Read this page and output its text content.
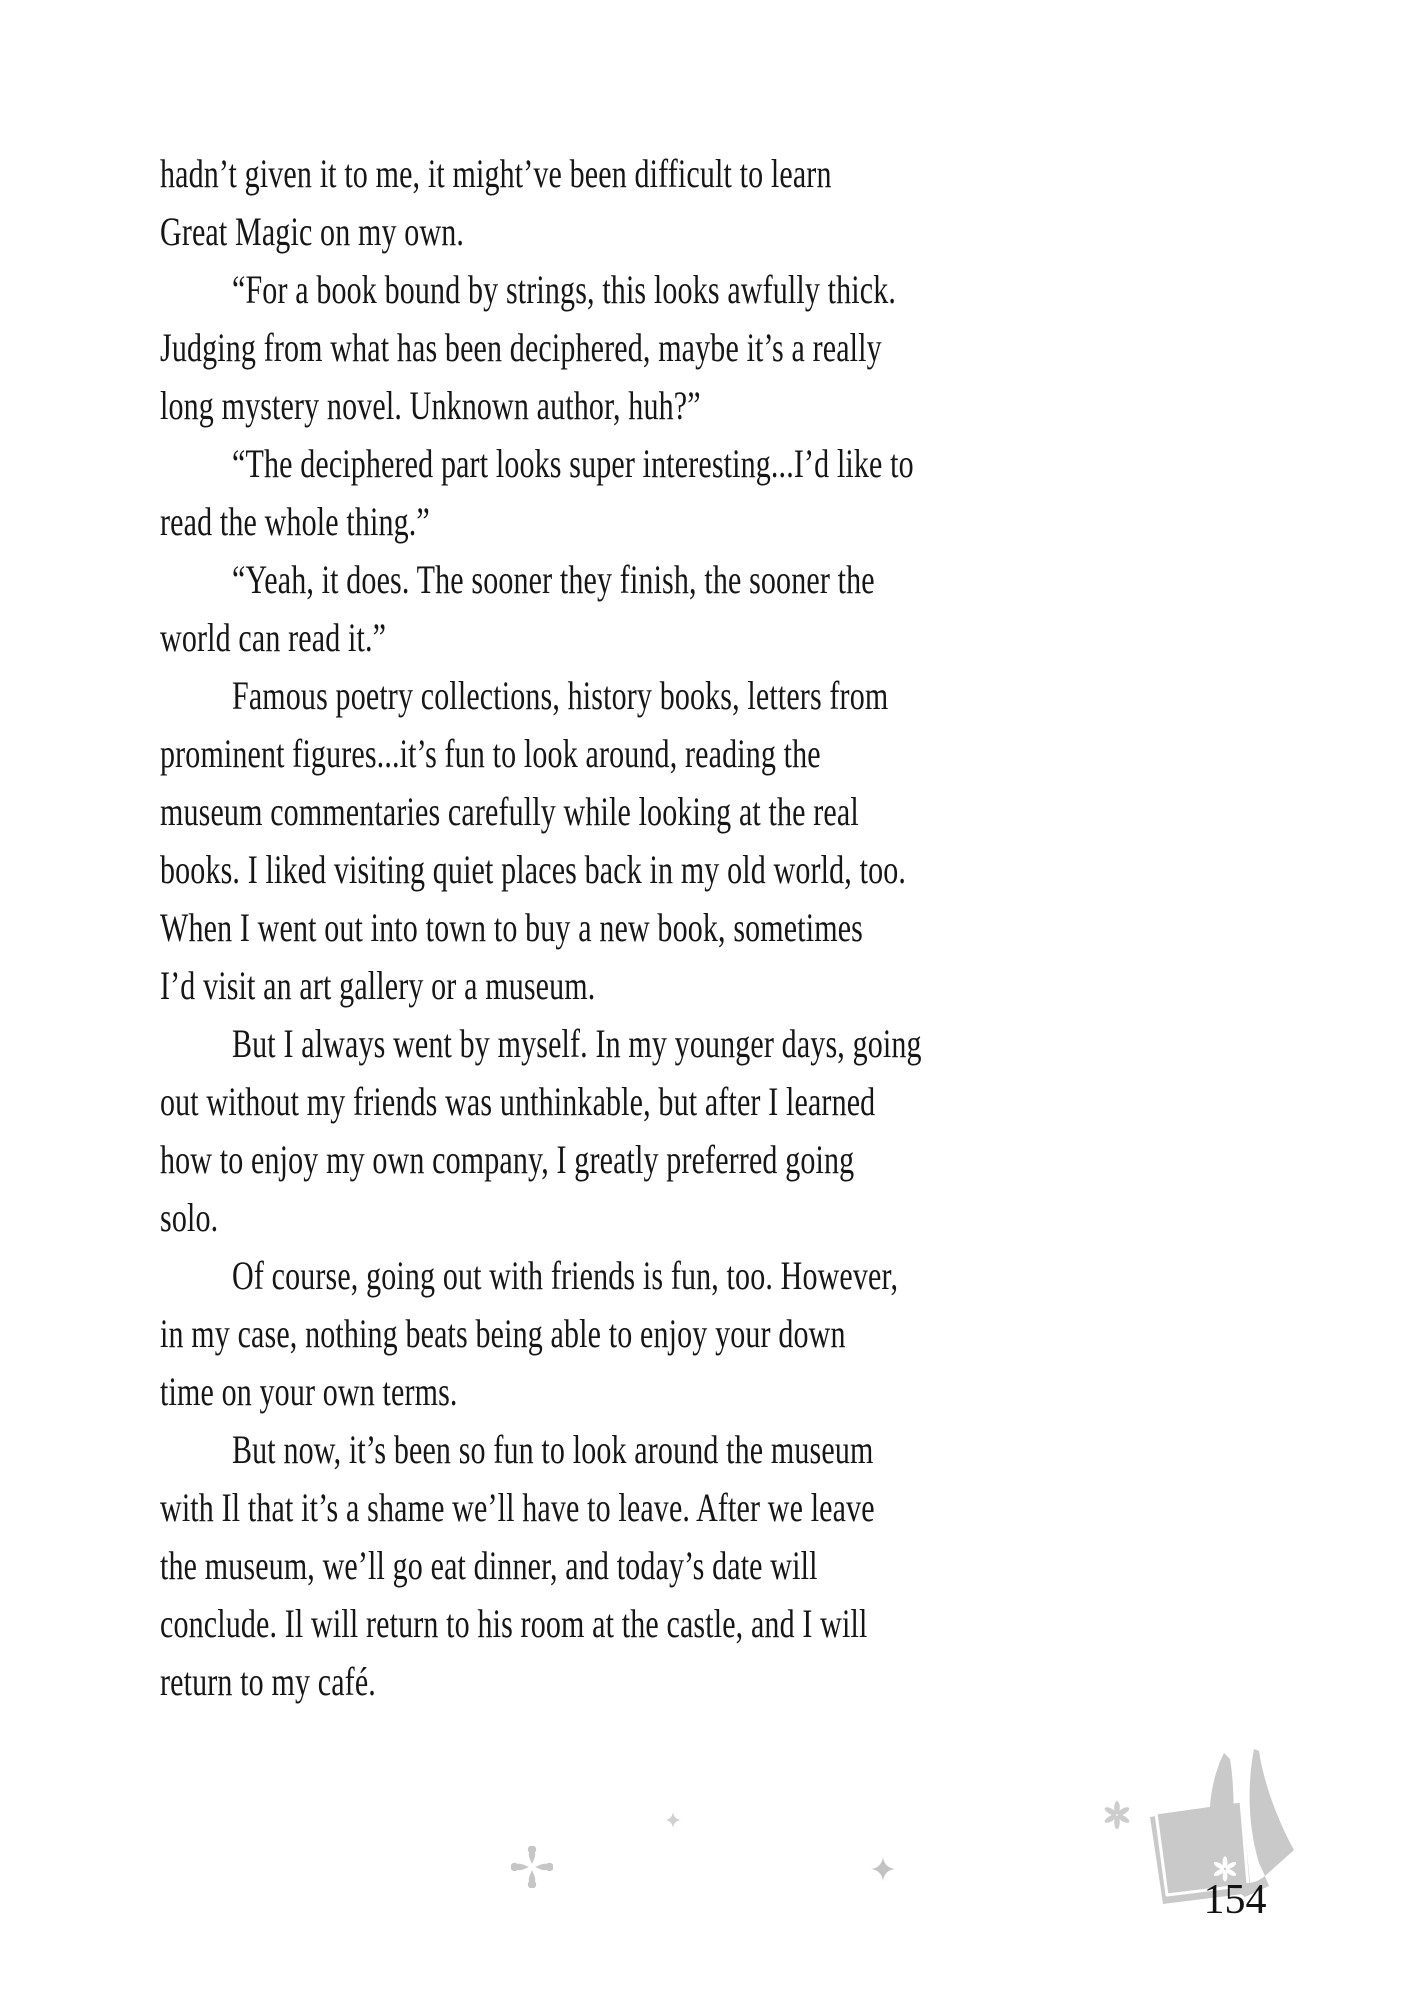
hadn’t given it to me, it might’ve been difficult to learn
Great Magic on my own.
“For a book bound by strings, this looks awfully thick.
Judging from what has been deciphered, maybe it’s a really
long mystery novel. Unknown author, huh?”
“The deciphered part looks super interesting...I’d like to
read the whole thing.”
“Yeah, it does. The sooner they finish, the sooner the
world can read it.”
Famous poetry collections, history books, letters from
prominent figures...it’s fun to look around, reading the
museum commentaries carefully while looking at the real
books. I liked visiting quiet places back in my old world, too.
When I went out into town to buy a new book, sometimes
I’d visit an art gallery or a museum.
But I always went by myself. In my younger days, going
out without my friends was unthinkable, but after I learned
how to enjoy my own company, I greatly preferred going
solo.
Of course, going out with friends is fun, too. However,
in my case, nothing beats being able to enjoy your down
time on your own terms.
But now, it’s been so fun to look around the museum
with Il that it’s a shame we’ll have to leave. After we leave
the museum, we’ll go eat dinner, and today’s date will
conclude. Il will return to his room at the castle, and I will
return to my café.
154
